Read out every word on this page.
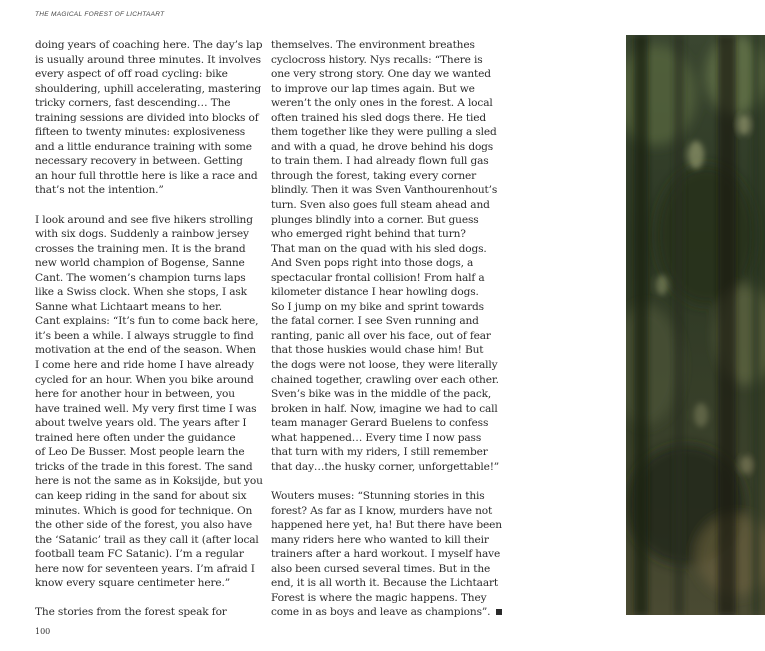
THE MAGICAL FOREST OF LICHTAART

doing years of coaching here. The day’s lap
is usually around three minutes. It involves
every aspect of off road cycling: bike
shouldering, uphill accelerating, mastering
tricky corners, fast descending… The
training sessions are divided into blocks of
fifteen to twenty minutes: explosiveness
and a little endurance training with some
necessary recovery in between. Getting
an hour full throttle here is like a race and
that’s not the intention.”

I look around and see five hikers strolling
with six dogs. Suddenly a rainbow jersey
crosses the training men. It is the brand
new world champion of Bogense, Sanne
Cant. The women’s champion turns laps
like a Swiss clock. When she stops, I ask
Sanne what Lichtaart means to her.
Cant explains: “It’s fun to come back here,
it’s been a while. I always struggle to find
motivation at the end of the season. When
I come here and ride home I have already
cycled for an hour. When you bike around
here for another hour in between, you
have trained well. My very first time I was
about twelve years old. The years after I
trained here often under the guidance
of Leo De Busser. Most people learn the
tricks of the trade in this forest. The sand
here is not the same as in Koksijde, but you
can keep riding in the sand for about six
minutes. Which is good for technique. On
the other side of the forest, you also have
the ‘Satanic’ trail as they call it (after local
football team FC Satanic). I’m a regular
here now for seventeen years. I’m afraid I
know every square centimeter here.”

The stories from the forest speak for

themselves. The environment breathes
cyclocross history. Nys recalls: “There is
one very strong story. One day we wanted
to improve our lap times again. But we
weren’t the only ones in the forest. A local
often trained his sled dogs there. He tied
them together like they were pulling a sled
and with a quad, he drove behind his dogs
to train them. I had already flown full gas
through the forest, taking every corner
blindly. Then it was Sven Vanthourenhout’s
turn. Sven also goes full steam ahead and
plunges blindly into a corner. But guess
who emerged right behind that turn?
That man on the quad with his sled dogs.
And Sven pops right into those dogs, a
spectacular frontal collision! From half a
kilometer distance I hear howling dogs.
So I jump on my bike and sprint towards
the fatal corner. I see Sven running and
ranting, panic all over his face, out of fear
that those huskies would chase him! But
the dogs were not loose, they were literally
chained together, crawling over each other.
Sven’s bike was in the middle of the pack,
broken in half. Now, imagine we had to call
team manager Gerard Buelens to confess
what happened… Every time I now pass
that turn with my riders, I still remember
that day…the husky corner, unforgettable!”

Wouters muses: “Stunning stories in this
forest? As far as I know, murders have not
happened here yet, ha! But there have been
many riders here who wanted to kill their
trainers after a hard workout. I myself have
also been cursed several times. But in the
end, it is all worth it. Because the Lichtaart
Forest is where the magic happens. They
come in as boys and leave as champions”.

100
